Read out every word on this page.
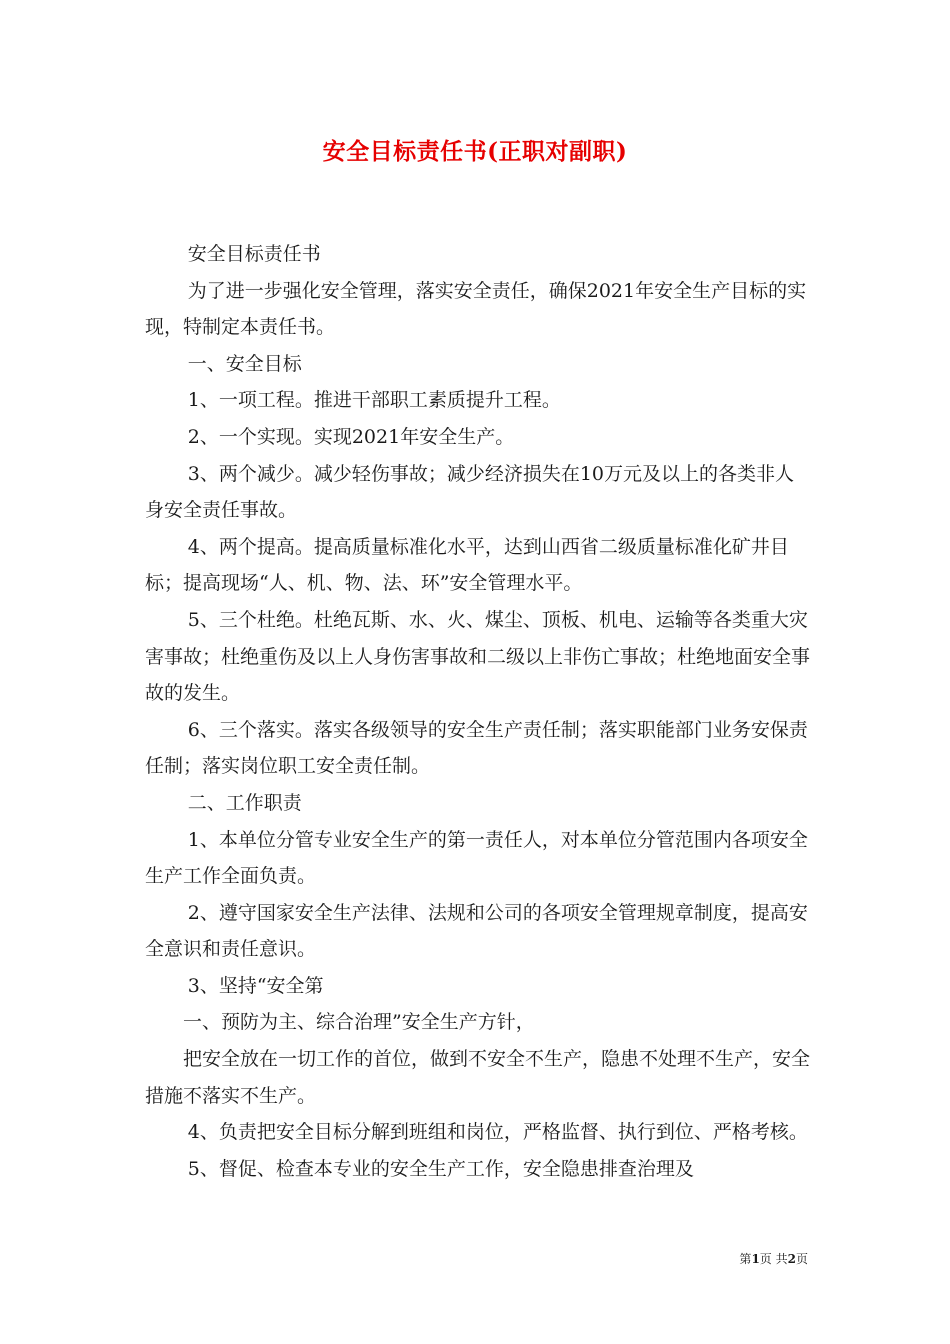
安全目标责任书(正职对副职)

安全目标责任书

为了进一步强化安全管理，落实安全责任，确保2021年安全生产目标的实现，特制定本责任书。

一、安全目标

1、一项工程。推进干部职工素质提升工程。

2、一个实现。实现2021年安全生产。

3、两个减少。减少轻伤事故；减少经济损失在10万元及以上的各类非人身安全责任事故。

4、两个提高。提高质量标准化水平，达到山西省二级质量标准化矿井目标；提高现场“人、机、物、法、环”安全管理水平。

5、三个杜绝。杜绝瓦斯、水、火、煤尘、顶板、机电、运输等各类重大灾害事故；杜绝重伤及以上人身伤害事故和二级以上非伤亡事故；杜绝地面安全事故的发生。

6、三个落实。落实各级领导的安全生产责任制；落实职能部门业务安保责任制；落实岗位职工安全责任制。

二、工作职责

1、本单位分管专业安全生产的第一责任人，对本单位分管范围内各项安全生产工作全面负责。

2、遵守国家安全生产法律、法规和公司的各项安全管理规章制度，提高安全意识和责任意识。

3、坚持“安全第

一、预防为主、综合治理”安全生产方针，

把安全放在一切工作的首位，做到不安全不生产，隐患不处理不生产，安全措施不落实不生产。

4、负责把安全目标分解到班组和岗位，严格监督、执行到位、严格考核。

5、督促、检查本专业的安全生产工作，安全隐患排查治理及

第1页 共2页
